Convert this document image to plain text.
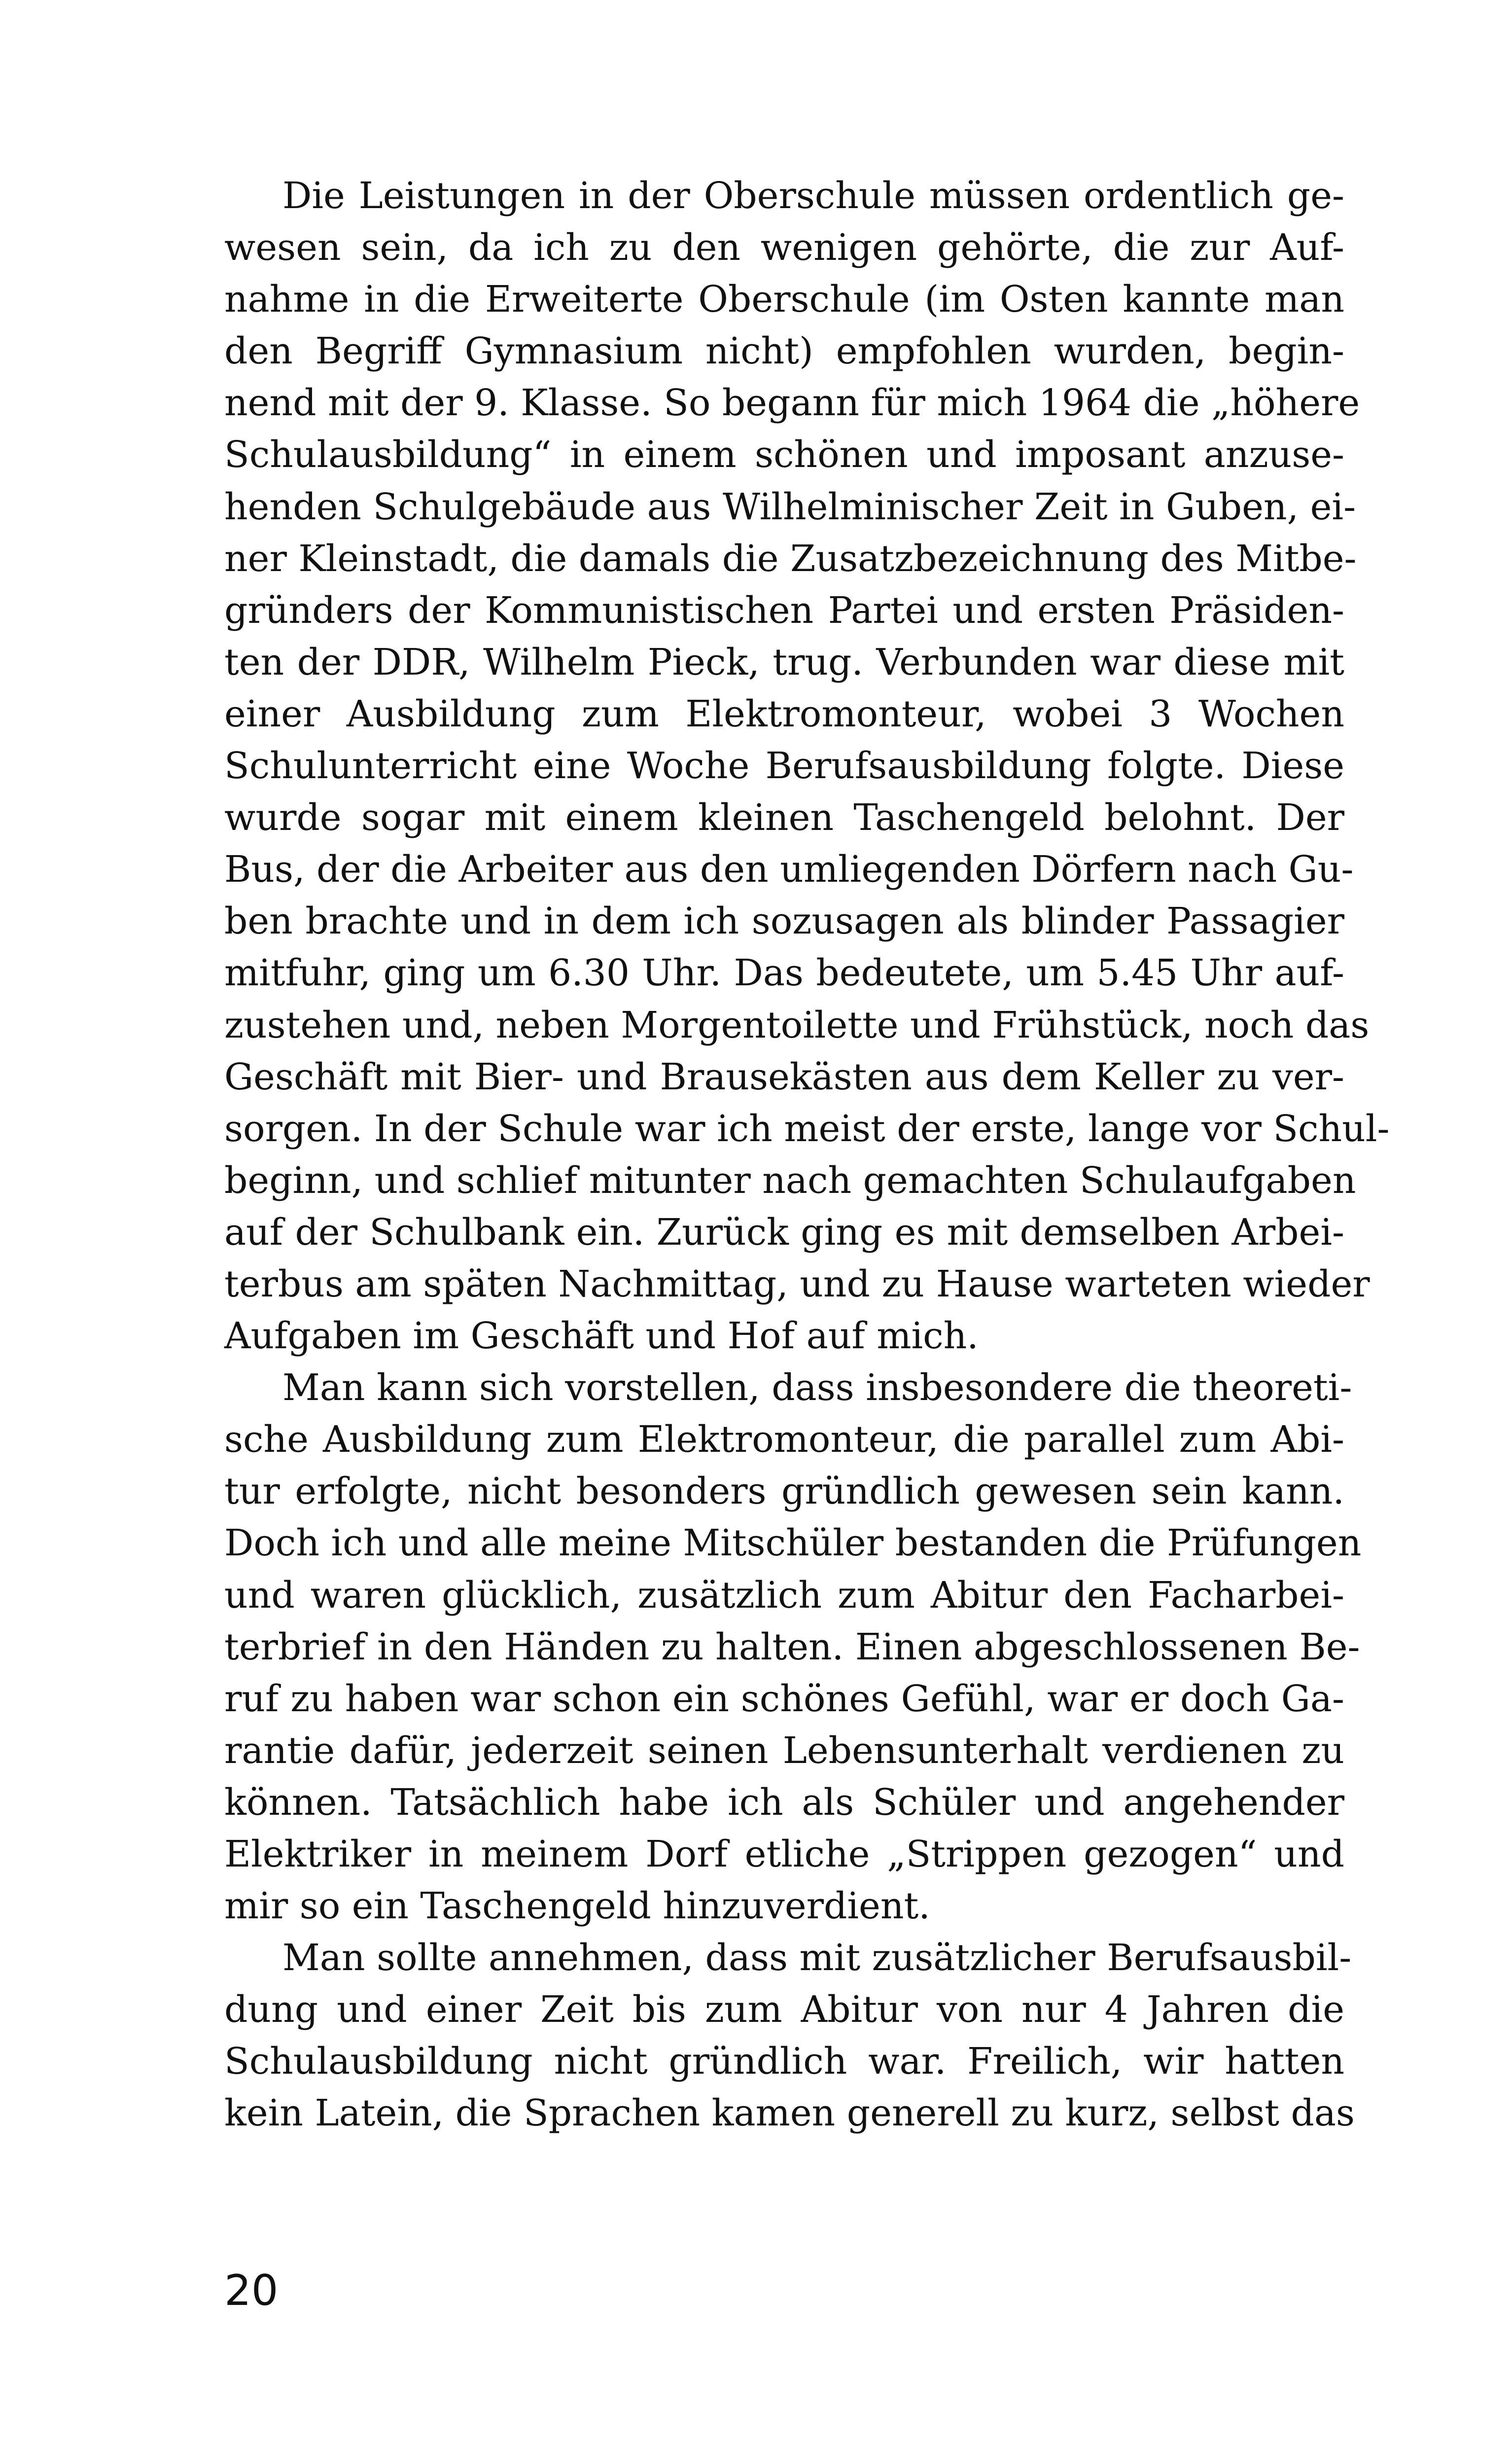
Die Leistungen in der Oberschule müssen ordentlich ge-
wesen sein, da ich zu den wenigen gehörte, die zur Auf-
nahme in die Erweiterte Oberschule (im Osten kannte man
den Begriff Gymnasium nicht) empfohlen wurden, begin-
nend mit der 9. Klasse. So begann für mich 1964 die „höhere
Schulausbildung“ in einem schönen und imposant anzuse-
henden Schulgebäude aus Wilhelminischer Zeit in Guben, ei-
ner Kleinstadt, die damals die Zusatzbezeichnung des Mitbe-
gründers der Kommunistischen Partei und ersten Präsiden-
ten der DDR, Wilhelm Pieck, trug. Verbunden war diese mit
einer Ausbildung zum Elektromonteur, wobei 3 Wochen
Schulunterricht eine Woche Berufsausbildung folgte. Diese
wurde sogar mit einem kleinen Taschengeld belohnt. Der
Bus, der die Arbeiter aus den umliegenden Dörfern nach Gu-
ben brachte und in dem ich sozusagen als blinder Passagier
mitfuhr, ging um 6.30 Uhr. Das bedeutete, um 5.45 Uhr auf-
zustehen und, neben Morgentoilette und Frühstück, noch das
Geschäft mit Bier- und Brausekästen aus dem Keller zu ver-
sorgen. In der Schule war ich meist der erste, lange vor Schul-
beginn, und schlief mitunter nach gemachten Schulaufgaben
auf der Schulbank ein. Zurück ging es mit demselben Arbei-
terbus am späten Nachmittag, und zu Hause warteten wieder
Aufgaben im Geschäft und Hof auf mich.
Man kann sich vorstellen, dass insbesondere die theoreti-
sche Ausbildung zum Elektromonteur, die parallel zum Abi-
tur erfolgte, nicht besonders gründlich gewesen sein kann.
Doch ich und alle meine Mitschüler bestanden die Prüfungen
und waren glücklich, zusätzlich zum Abitur den Facharbei-
terbrief in den Händen zu halten. Einen abgeschlossenen Be-
ruf zu haben war schon ein schönes Gefühl, war er doch Ga-
rantie dafür, jederzeit seinen Lebensunterhalt verdienen zu
können. Tatsächlich habe ich als Schüler und angehender
Elektriker in meinem Dorf etliche „Strippen gezogen“ und
mir so ein Taschengeld hinzuverdient.
Man sollte annehmen, dass mit zusätzlicher Berufsausbil-
dung und einer Zeit bis zum Abitur von nur 4 Jahren die
Schulausbildung nicht gründlich war. Freilich, wir hatten
kein Latein, die Sprachen kamen generell zu kurz, selbst das
20
